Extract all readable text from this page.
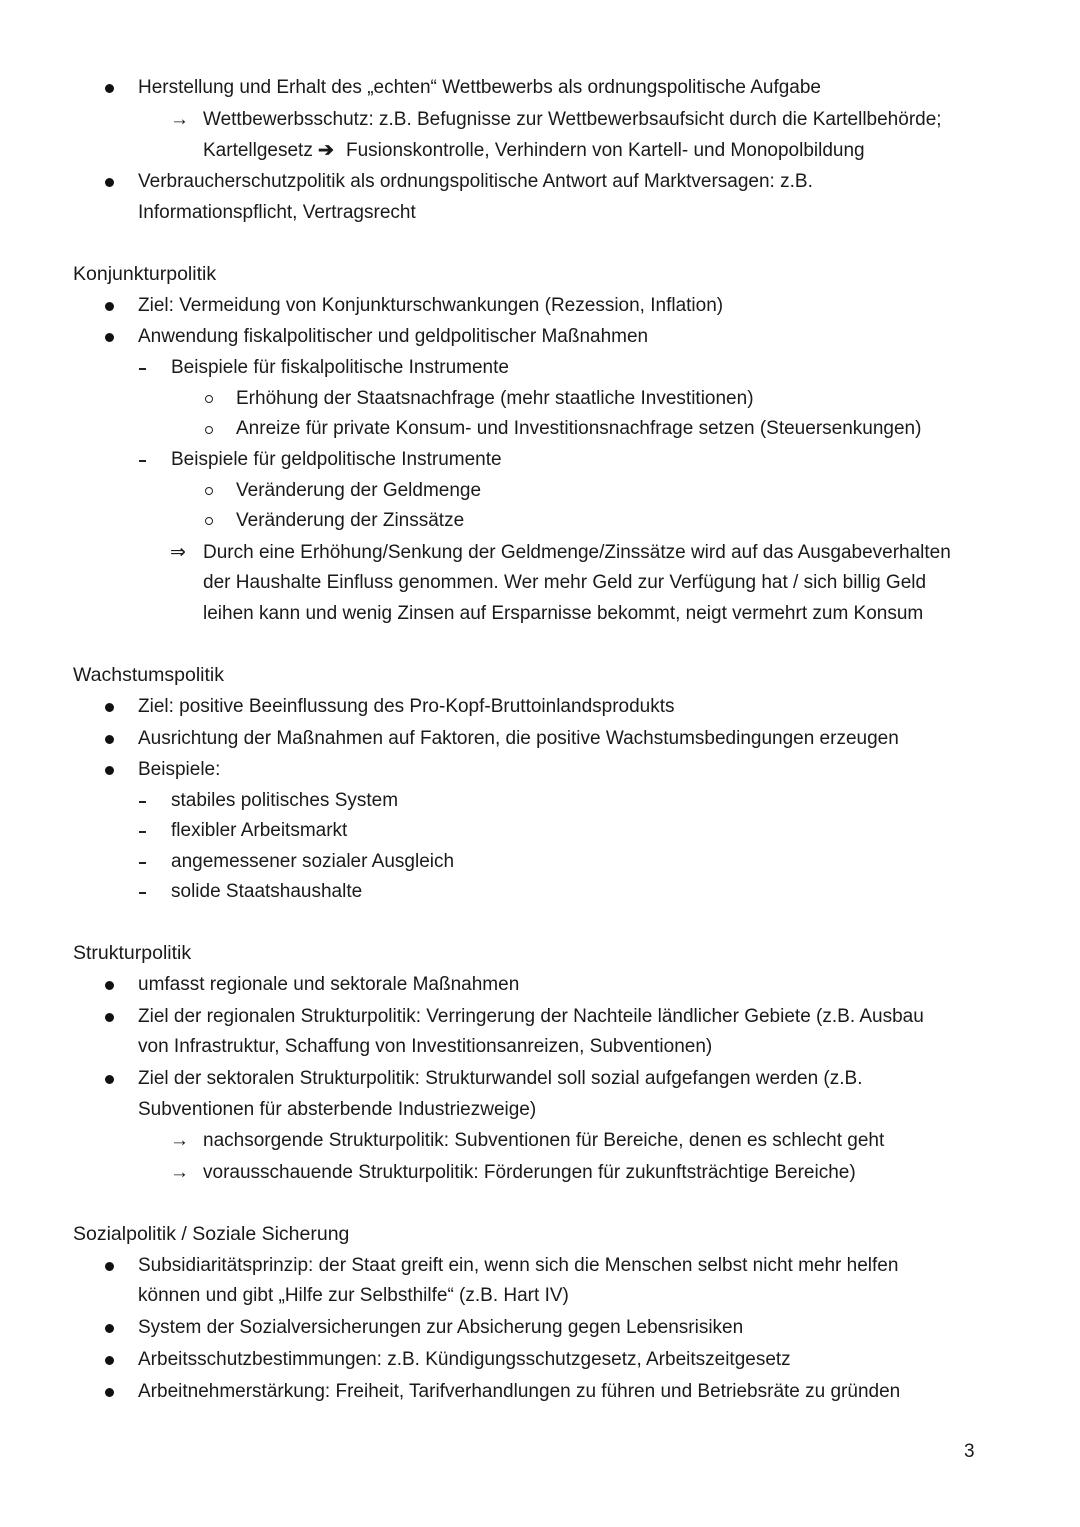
Herstellung und Erhalt des „echten“ Wettbewerbs als ordnungspolitische Aufgabe
→ Wettbewerbsschutz: z.B. Befugnisse zur Wettbewerbsaufsicht durch die Kartellbehörde;
Kartellgesetz ➔ Fusionskontrolle, Verhindern von Kartell- und Monopolbildung
Verbraucherschutzpolitik als ordnungspolitische Antwort auf Marktversagen: z.B.
Informationspflicht, Vertragsrecht
Konjunkturpolitik
Ziel: Vermeidung von Konjunkturschwankungen (Rezession, Inflation)
Anwendung fiskalpolitischer und geldpolitischer Maßnahmen
Beispiele für fiskalpolitische Instrumente
Erhöhung der Staatsnachfrage (mehr staatliche Investitionen)
Anreize für private Konsum- und Investitionsnachfrage setzen (Steuersenkungen)
Beispiele für geldpolitische Instrumente
Veränderung der Geldmenge
Veränderung der Zinssätze
⇒ Durch eine Erhöhung/Senkung der Geldmenge/Zinssätze wird auf das Ausgabeverhalten
der Haushalte Einfluss genommen. Wer mehr Geld zur Verfügung hat / sich billig Geld
leihen kann und wenig Zinsen auf Ersparnisse bekommt, neigt vermehrt zum Konsum
Wachstumspolitik
Ziel: positive Beeinflussung des Pro-Kopf-Bruttoinlandsprodukts
Ausrichtung der Maßnahmen auf Faktoren, die positive Wachstumsbedingungen erzeugen
Beispiele:
stabiles politisches System
flexibler Arbeitsmarkt
angemessener sozialer Ausgleich
solide Staatshaushalte
Strukturpolitik
umfasst regionale und sektorale Maßnahmen
Ziel der regionalen Strukturpolitik: Verringerung der Nachteile ländlicher Gebiete (z.B. Ausbau
von Infrastruktur, Schaffung von Investitionsanreizen, Subventionen)
Ziel der sektoralen Strukturpolitik: Strukturwandel soll sozial aufgefangen werden (z.B.
Subventionen für absterbende Industriezweige)
→ nachsorgende Strukturpolitik: Subventionen für Bereiche, denen es schlecht geht
→ vorausschauende Strukturpolitik: Förderungen für zukunftsträchtige Bereiche)
Sozialpolitik / Soziale Sicherung
Subsidiaritätsprinzip: der Staat greift ein, wenn sich die Menschen selbst nicht mehr helfen
können und gibt „Hilfe zur Selbsthilfe“ (z.B. Hart IV)
System der Sozialversicherungen zur Absicherung gegen Lebensrisiken
Arbeitsschutzbestimmungen: z.B. Kündigungsschutzgesetz, Arbeitszeitgesetz
Arbeitnehmerstärkung: Freiheit, Tarifverhandlungen zu führen und Betriebsräte zu gründen
3
